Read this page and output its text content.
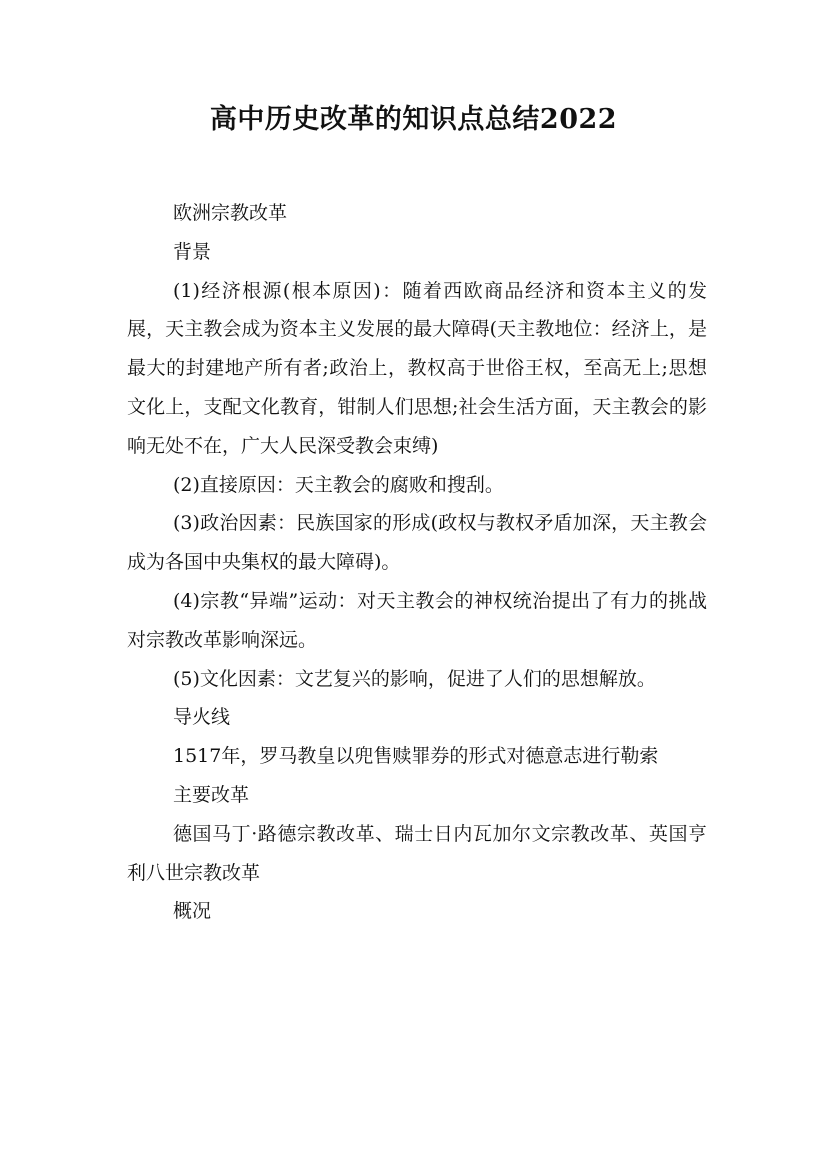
高中历史改革的知识点总结2022

欧洲宗教改革

背景

(1)经济根源(根本原因)：随着西欧商品经济和资本主义的发展，天主教会成为资本主义发展的最大障碍(天主教地位：经济上，是最大的封建地产所有者;政治上，教权高于世俗王权，至高无上;思想文化上，支配文化教育，钳制人们思想;社会生活方面，天主教会的影响无处不在，广大人民深受教会束缚)

(2)直接原因：天主教会的腐败和搜刮。

(3)政治因素：民族国家的形成(政权与教权矛盾加深，天主教会成为各国中央集权的最大障碍)。

(4)宗教“异端”运动：对天主教会的神权统治提出了有力的挑战对宗教改革影响深远。

(5)文化因素：文艺复兴的影响，促进了人们的思想解放。

导火线

1517年，罗马教皇以兜售赎罪券的形式对德意志进行勒索

主要改革

德国马丁·路德宗教改革、瑞士日内瓦加尔文宗教改革、英国亨利八世宗教改革

概况
